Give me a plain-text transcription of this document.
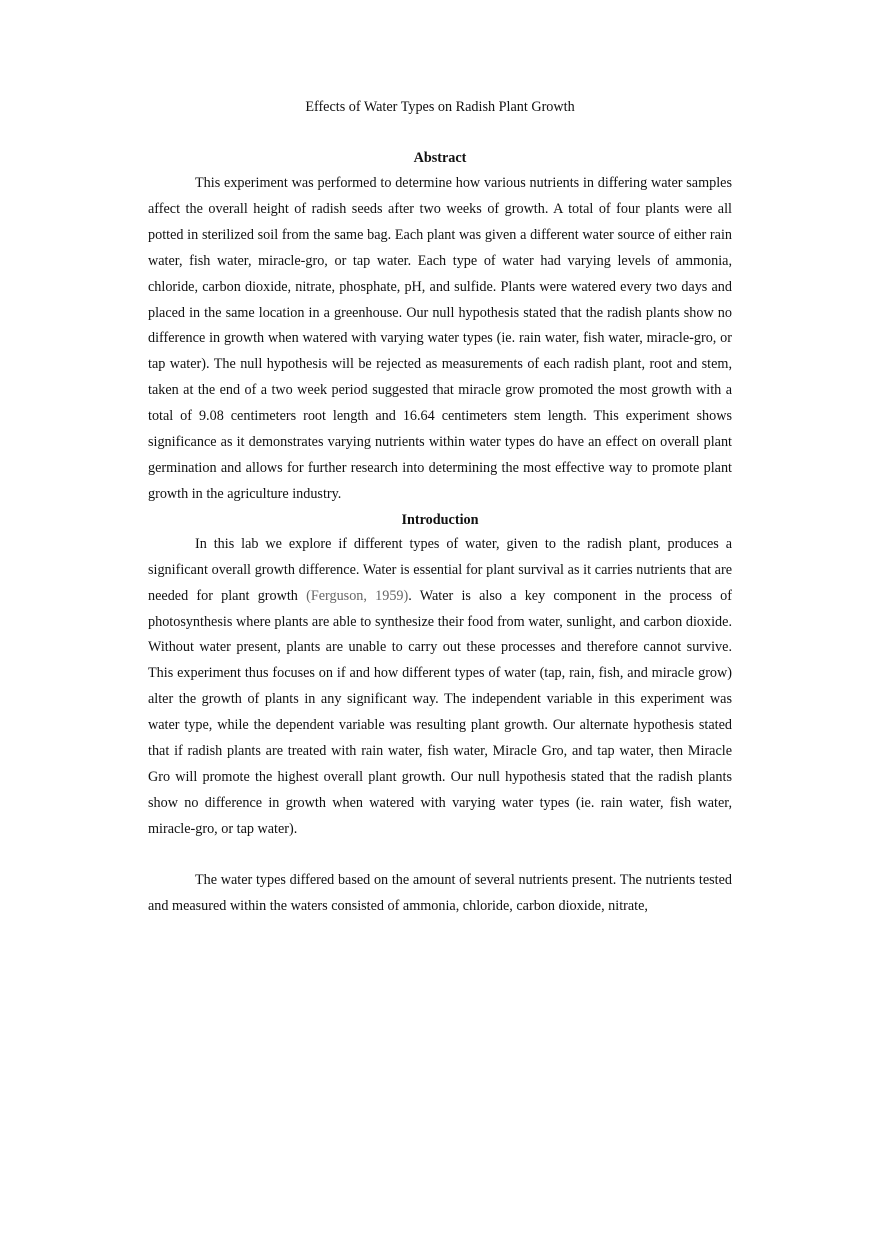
Effects of Water Types on Radish Plant Growth

Abstract

This experiment was performed to determine how various nutrients in differing water samples affect the overall height of radish seeds after two weeks of growth. A total of four plants were all potted in sterilized soil from the same bag. Each plant was given a different water source of either rain water, fish water, miracle-gro, or tap water. Each type of water had varying levels of ammonia, chloride, carbon dioxide, nitrate, phosphate, pH, and sulfide. Plants were watered every two days and placed in the same location in a greenhouse. Our null hypothesis stated that the radish plants show no difference in growth when watered with varying water types (ie. rain water, fish water, miracle-gro, or tap water). The null hypothesis will be rejected as measurements of each radish plant, root and stem, taken at the end of a two week period suggested that miracle grow promoted the most growth with a total of 9.08 centimeters root length and 16.64 centimeters stem length. This experiment shows significance as it demonstrates varying nutrients within water types do have an effect on overall plant germination and allows for further research into determining the most effective way to promote plant growth in the agriculture industry.

Introduction

In this lab we explore if different types of water, given to the radish plant, produces a significant overall growth difference. Water is essential for plant survival as it carries nutrients that are needed for plant growth (Ferguson, 1959). Water is also a key component in the process of photosynthesis where plants are able to synthesize their food from water, sunlight, and carbon dioxide. Without water present, plants are unable to carry out these processes and therefore cannot survive. This experiment thus focuses on if and how different types of water (tap, rain, fish, and miracle grow) alter the growth of plants in any significant way. The independent variable in this experiment was water type, while the dependent variable was resulting plant growth. Our alternate hypothesis stated that if radish plants are treated with rain water, fish water, Miracle Gro, and tap water, then Miracle Gro will promote the highest overall plant growth. Our null hypothesis stated that the radish plants show no difference in growth when watered with varying water types (ie. rain water, fish water, miracle-gro, or tap water).

The water types differed based on the amount of several nutrients present. The nutrients tested and measured within the waters consisted of ammonia, chloride, carbon dioxide, nitrate,
